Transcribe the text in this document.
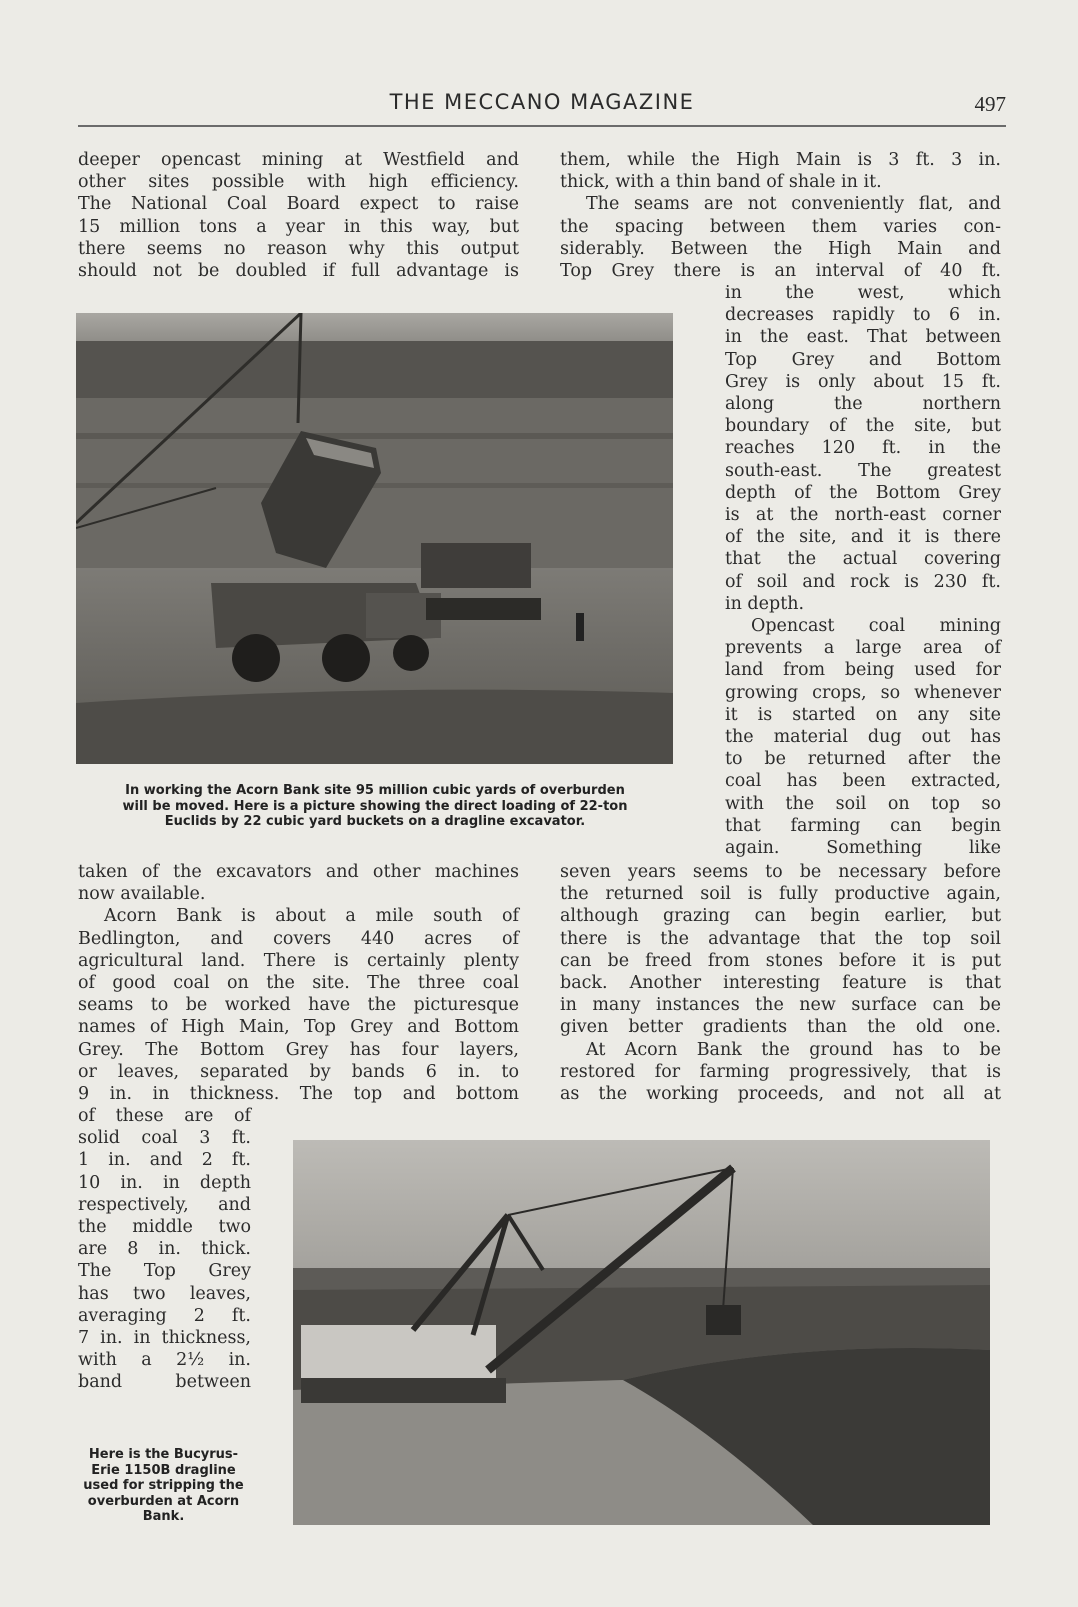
THE MECCANO MAGAZINE	497
deeper opencast mining at Westfield and
other sites possible with high efficiency.
The National Coal Board expect to raise
15 million tons a year in this way, but
there seems no reason why this output
should not be doubled if full advantage is
them, while the High Main is 3 ft. 3 in.
thick, with a thin band of shale in it.
The seams are not conveniently flat, and
the spacing between them varies con-
siderably. Between the High Main and
Top Grey there is an interval of 40 ft.
In working the Acorn Bank site 95 million cubic yards of overburden
will be moved. Here is a picture showing the direct loading of 22-ton
Euclids by 22 cubic yard buckets on a dragline excavator.
in the west, which
decreases rapidly to 6 in.
in the east. That between
Top Grey and Bottom
Grey is only about 15 ft.
along the northern
boundary of the site, but
reaches 120 ft. in the
south-east. The greatest
depth of the Bottom Grey
is at the north-east corner
of the site, and it is there
that the actual covering
of soil and rock is 230 ft.
in depth.
Opencast coal mining
prevents a large area of
land from being used for
growing crops, so whenever
it is started on any site
the material dug out has
to be returned after the
coal has been extracted,
with the soil on top so
that farming can begin
again. Something like
taken of the excavators and other machines
now available.
Acorn Bank is about a mile south of
Bedlington, and covers 440 acres of
agricultural land. There is certainly plenty
of good coal on the site. The three coal
seams to be worked have the picturesque
names of High Main, Top Grey and Bottom
Grey. The Bottom Grey has four layers,
or leaves, separated by bands 6 in. to
9 in. in thickness. The top and bottom
seven years seems to be necessary before
the returned soil is fully productive again,
although grazing can begin earlier, but
there is the advantage that the top soil
can be freed from stones before it is put
back. Another interesting feature is that
in many instances the new surface can be
given better gradients than the old one.
At Acorn Bank the ground has to be
restored for farming progressively, that is
as the working proceeds, and not all at
of these are of
solid coal 3 ft.
1 in. and 2 ft.
10 in. in depth
respectively, and
the middle two
are 8 in. thick.
The Top Grey
has two leaves,
averaging 2 ft.
7 in. in thickness,
with a 2½ in.
band between
Here is the Bucyrus-
Erie 1150B dragline
used for stripping the
overburden at Acorn
Bank.
